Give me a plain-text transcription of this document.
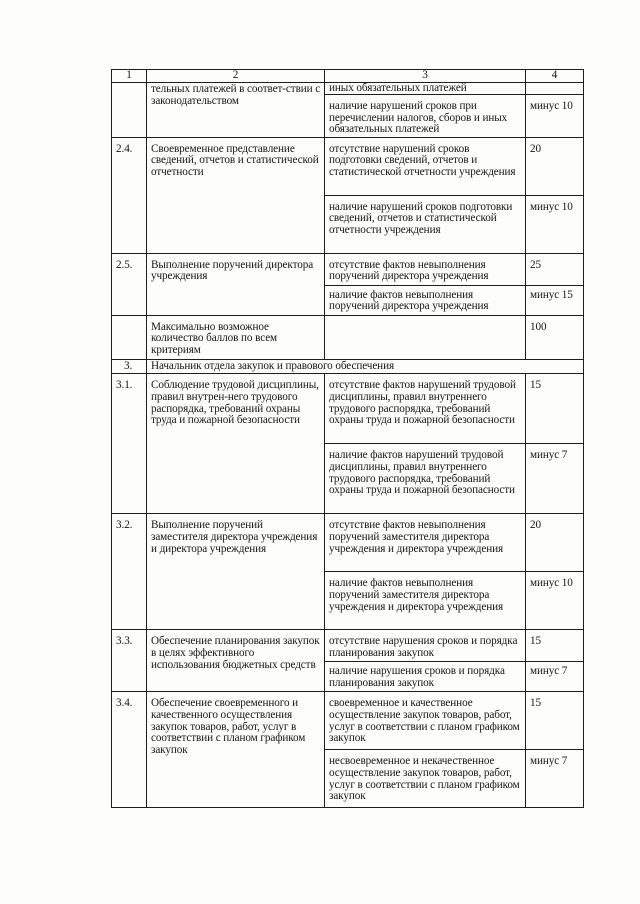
1	2	3	4
	тельных платежей в соответ-ствии с законодательством	иных обязательных платежей	
		наличие нарушений сроков при перечислении налогов, сборов и иных обязательных платежей	минус 10
2.4.	Своевременное представление сведений, отчетов и статистической отчетности	отсутствие нарушений сроков подготовки сведений, отчетов и статистической отчетности учреждения	20
		наличие нарушений сроков подготовки сведений, отчетов и статистической отчетности учреждения	минус 10
2.5.	Выполнение поручений директора учреждения	отсутствие фактов невыполнения поручений директора учреждения	25
		наличие фактов невыполнения поручений директора учреждения	минус 15
	Максимально возможное количество баллов по всем критериям		100
3.	Начальник отдела закупок и правового обеспечения		
3.1.	Соблюдение трудовой дисциплины, правил внутрен-него трудового распорядка, требований охраны труда и пожарной безопасности	отсутствие фактов нарушений трудовой дисциплины, правил внутреннего трудового распорядка, требований охраны труда и пожарной безопасности	15
		наличие фактов нарушений трудовой дисциплины, правил внутреннего трудового распорядка, требований охраны труда и пожарной безопасности	минус 7
3.2.	Выполнение поручений заместителя директора учреждения и директора учреждения	отсутствие фактов невыполнения поручений заместителя директора учреждения и директора учреждения	20
		наличие фактов невыполнения поручений заместителя директора учреждения и директора учреждения	минус 10
3.3.	Обеспечение планирования закупок в целях эффективного использования бюджетных средств	отсутствие нарушения сроков и порядка планирования закупок	15
		наличие нарушения сроков и порядка планирования закупок	минус 7
3.4.	Обеспечение своевременного и качественного осуществления закупок товаров, работ, услуг в соответствии с планом графиком закупок	своевременное и качественное осуществление закупок товаров, работ, услуг в соответствии с планом графиком закупок	15
		несвоевременное и некачественное осуществление закупок товаров, работ, услуг в соответствии с планом графиком закупок	минус 7
